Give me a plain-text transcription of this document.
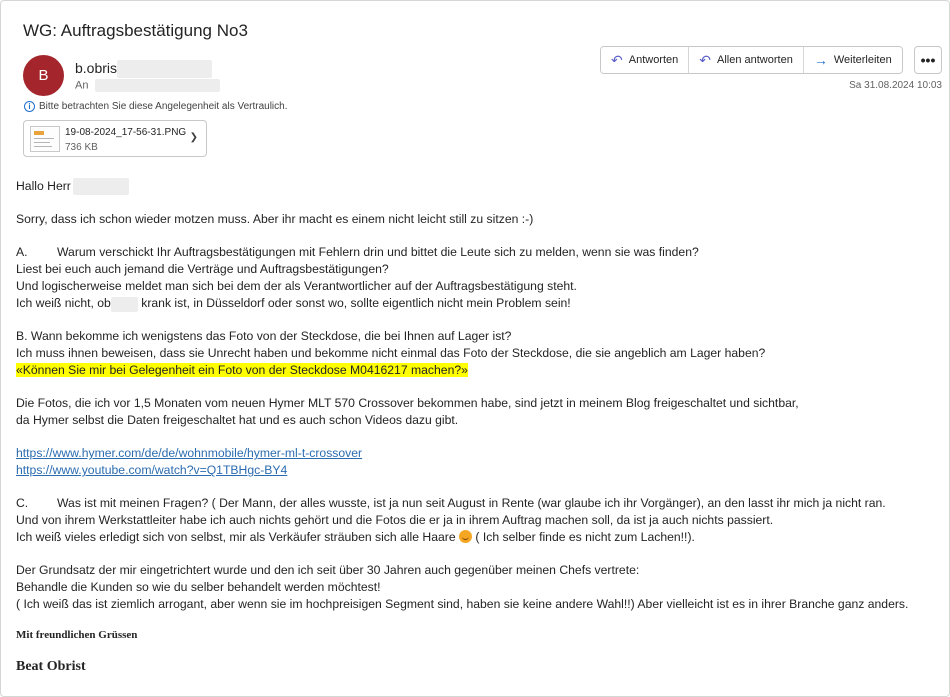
WG: Auftragsbestätigung No3
B b.obris
An
i Bitte betrachten Sie diese Angelegenheit als Vertraulich.
19-08-2024_17-56-31.PNG
736 KB
❯
↶ Antworten ↶ Allen antworten → Weiterleiten •••
Sa 31.08.2024 10:03

Hallo Herr

Sorry, dass ich schon wieder motzen muss. Aber ihr macht es einem nicht leicht still zu sitzen :-)

A. Warum verschickt Ihr Auftragsbestätigungen mit Fehlern drin und bittet die Leute sich zu melden, wenn sie was finden?

Liest bei euch auch jemand die Verträge und Auftragsbestätigungen?

Und logischerweise meldet man sich bei dem der als Verantwortlicher auf der Auftragsbestätigung steht.

Ich weiß nicht, ob krank ist, in Düsseldorf oder sonst wo, sollte eigentlich nicht mein Problem sein!

B. Wann bekomme ich wenigstens das Foto von der Steckdose, die bei Ihnen auf Lager ist?

Ich muss ihnen beweisen, dass sie Unrecht haben und bekomme nicht einmal das Foto der Steckdose, die sie angeblich am Lager haben?

«Können Sie mir bei Gelegenheit ein Foto von der Steckdose M0416217 machen?»

Die Fotos, die ich vor 1,5 Monaten vom neuen Hymer MLT 570 Crossover bekommen habe, sind jetzt in meinem Blog freigeschaltet und sichtbar,

da Hymer selbst die Daten freigeschaltet hat und es auch schon Videos dazu gibt.

https://www.hymer.com/de/de/wohnmobile/hymer-ml-t-crossover

https://www.youtube.com/watch?v=Q1TBHgc-BY4

C. Was ist mit meinen Fragen? ( Der Mann, der alles wusste, ist ja nun seit August in Rente (war glaube ich ihr Vorgänger), an den lasst ihr mich ja nicht ran.

Und von ihrem Werkstattleiter habe ich auch nichts gehört und die Fotos die er ja in ihrem Auftrag machen soll, da ist ja auch nichts passiert.

Ich weiß vieles erledigt sich von selbst, mir als Verkäufer sträuben sich alle Haare  ( Ich selber finde es nicht zum Lachen!!).

Der Grundsatz der mir eingetrichtert wurde und den ich seit über 30 Jahren auch gegenüber meinen Chefs vertrete:

Behandle die Kunden so wie du selber behandelt werden möchtest!

( Ich weiß das ist ziemlich arrogant, aber wenn sie im hochpreisigen Segment sind, haben sie keine andere Wahl!!) Aber vielleicht ist es in ihrer Branche ganz anders.

Mit freundlichen Grüssen

Beat Obrist
